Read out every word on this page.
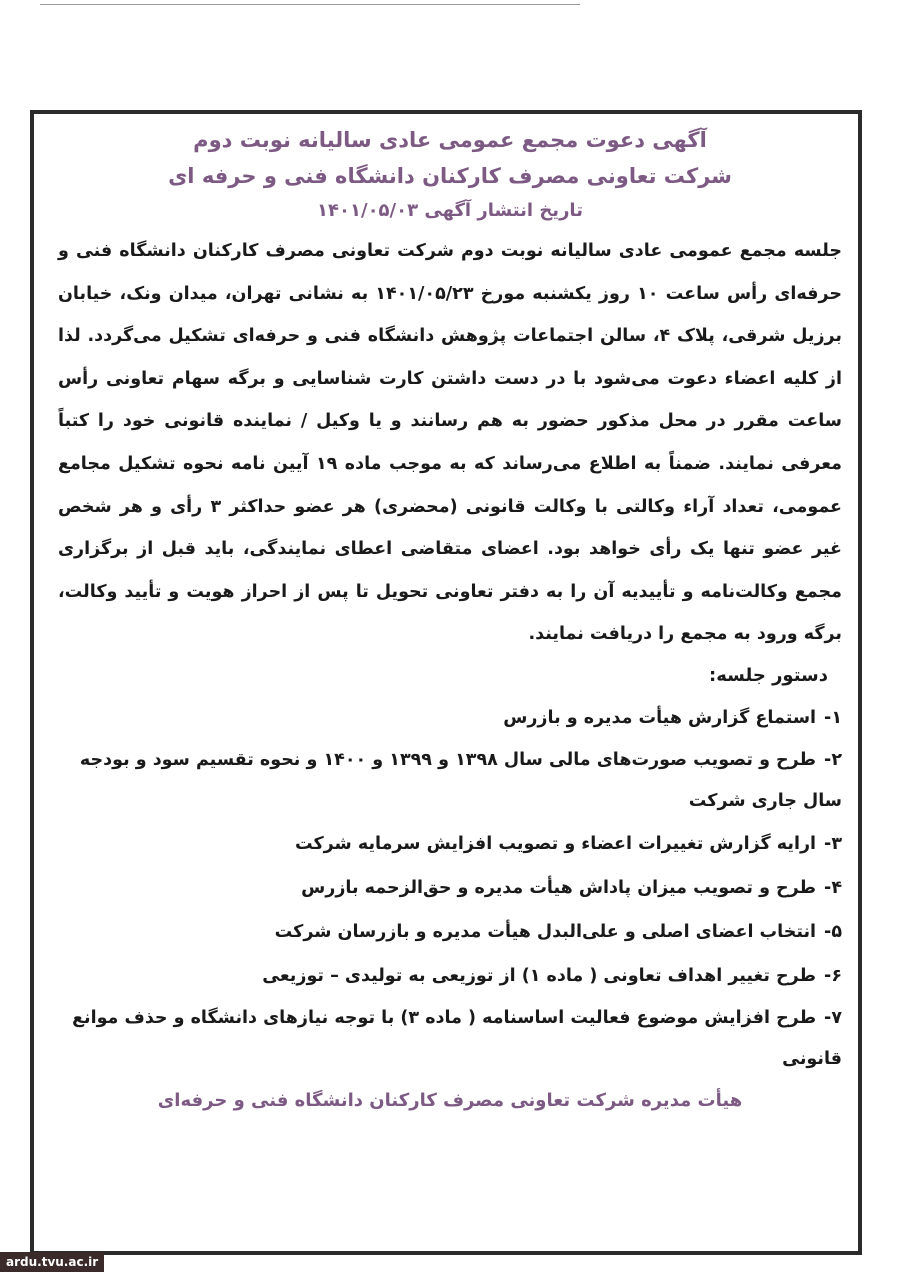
آگهی دعوت مجمع عمومی عادی سالیانه نوبت دوم
شرکت تعاونی مصرف کارکنان دانشگاه فنی و حرفه ای
تاریخ انتشار آگهی ۱۴۰۱/۰۵/۰۳

جلسه مجمع عمومی عادی سالیانه نوبت دوم شرکت تعاونی مصرف کارکنان دانشگاه فنی و حرفه‌ای رأس ساعت ۱۰ روز یکشنبه مورخ ۱۴۰۱/۰۵/۲۳ به نشانی تهران، میدان ونک، خیابان برزیل شرقی، پلاک ۴، سالن اجتماعات پژوهش دانشگاه فنی و حرفه‌ای تشکیل می‌گردد. لذا از کلیه اعضاء دعوت می‌شود با در دست داشتن کارت شناسایی و برگه سهام تعاونی رأس ساعت مقرر در محل مذکور حضور به هم رسانند و یا وکیل / نماینده قانونی خود را کتباً معرفی نمایند. ضمناً به اطلاع می‌رساند که به موجب ماده ۱۹ آیین نامه نحوه تشکیل مجامع عمومی، تعداد آراء وکالتی با وکالت قانونی (محضری) هر عضو حداکثر ۳ رأی و هر شخص غیر عضو تنها یک رأی خواهد بود. اعضای متقاضی اعطای نمایندگی، باید قبل از برگزاری مجمع وکالت‌نامه و تأییدیه آن را به دفتر تعاونی تحویل تا پس از احراز هویت و تأیید وکالت، برگه ورود به مجمع را دریافت نمایند.

دستور جلسه:
۱-استماع گزارش هیأت مدیره و بازرس
۲-طرح و تصویب صورت‌های مالی سال ۱۳۹۸ و ۱۳۹۹ و ۱۴۰۰ و نحوه تقسیم سود و بودجه سال جاری شرکت
۳-ارایه گزارش تغییرات اعضاء و تصویب افزایش سرمایه شرکت
۴-طرح و تصویب میزان پاداش هیأت مدیره و حق‌الزحمه بازرس
۵-انتخاب اعضای اصلی و علی‌البدل هیأت مدیره و بازرسان شرکت
۶-طرح تغییر اهداف تعاونی ( ماده ۱) از توزیعی به تولیدی – توزیعی
۷-طرح افزایش موضوع فعالیت اساسنامه ( ماده ۳) با توجه نیازهای دانشگاه و حذف موانع قانونی
هیأت مدیره شرکت تعاونی مصرف کارکنان دانشگاه فنی و حرفه‌ای
ardu.tvu.ac.ir
